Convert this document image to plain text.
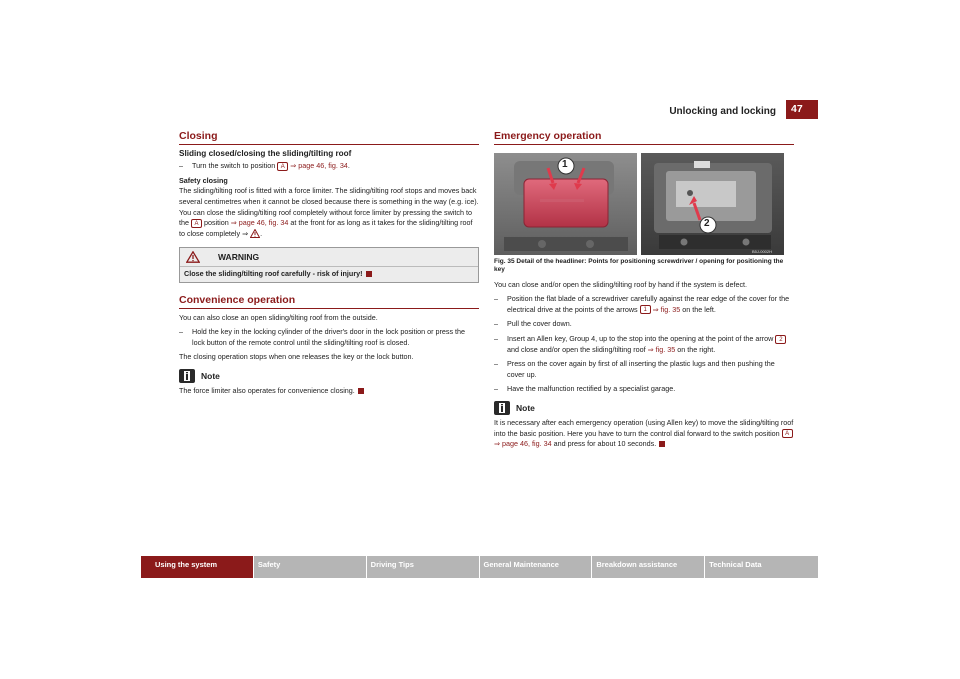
Unlocking and locking	47
Closing
Sliding closed/closing the sliding/tilting roof
– Turn the switch to position A ⇒ page 46, fig. 34.
Safety closing

The sliding/tilting roof is fitted with a force limiter. The sliding/tilting roof stops and moves back several centimetres when it cannot be closed because there is something in the way (e.g. ice). You can close the sliding/tilting roof completely without force limiter by pressing the switch to the A position ⇒ page 46, fig. 34 at the front for as long as it takes for the sliding/tilting roof to close completely ⇒ .

WARNING
Close the sliding/tilting roof carefully - risk of injury!
Convenience operation

You can also close an open sliding/tilting roof from the outside.

– Hold the key in the locking cylinder of the driver's door in the lock position or press the lock button of the remote control until the sliding/tilting roof is closed.

The closing operation stops when one releases the key or the lock button.

Note

The force limiter also operates for convenience closing.

Emergency operation
1
2
B5J-0002H
Fig. 35 Detail of the headliner: Points for positioning screwdriver / opening for positioning the key

You can close and/or open the sliding/tilting roof by hand if the system is defect.

– Position the flat blade of a screwdriver carefully against the rear edge of the cover for the electrical drive at the points of the arrows 1 ⇒ fig. 35 on the left.
– Pull the cover down.
– Insert an Allen key, Group 4, up to the stop into the opening at the point of the arrow 2 and close and/or open the sliding/tilting roof ⇒ fig. 35 on the right.
– Press on the cover again by first of all inserting the plastic lugs and then pushing the cover up.
– Have the malfunction rectified by a specialist garage.
Note

It is necessary after each emergency operation (using Allen key) to move the sliding/tilting roof into the basic position. Here you have to turn the control dial forward to the switch position A ⇒ page 46, fig. 34 and press for about 10 seconds.

Using the system	Safety	Driving Tips	General Maintenance	Breakdown assistance	Technical Data
